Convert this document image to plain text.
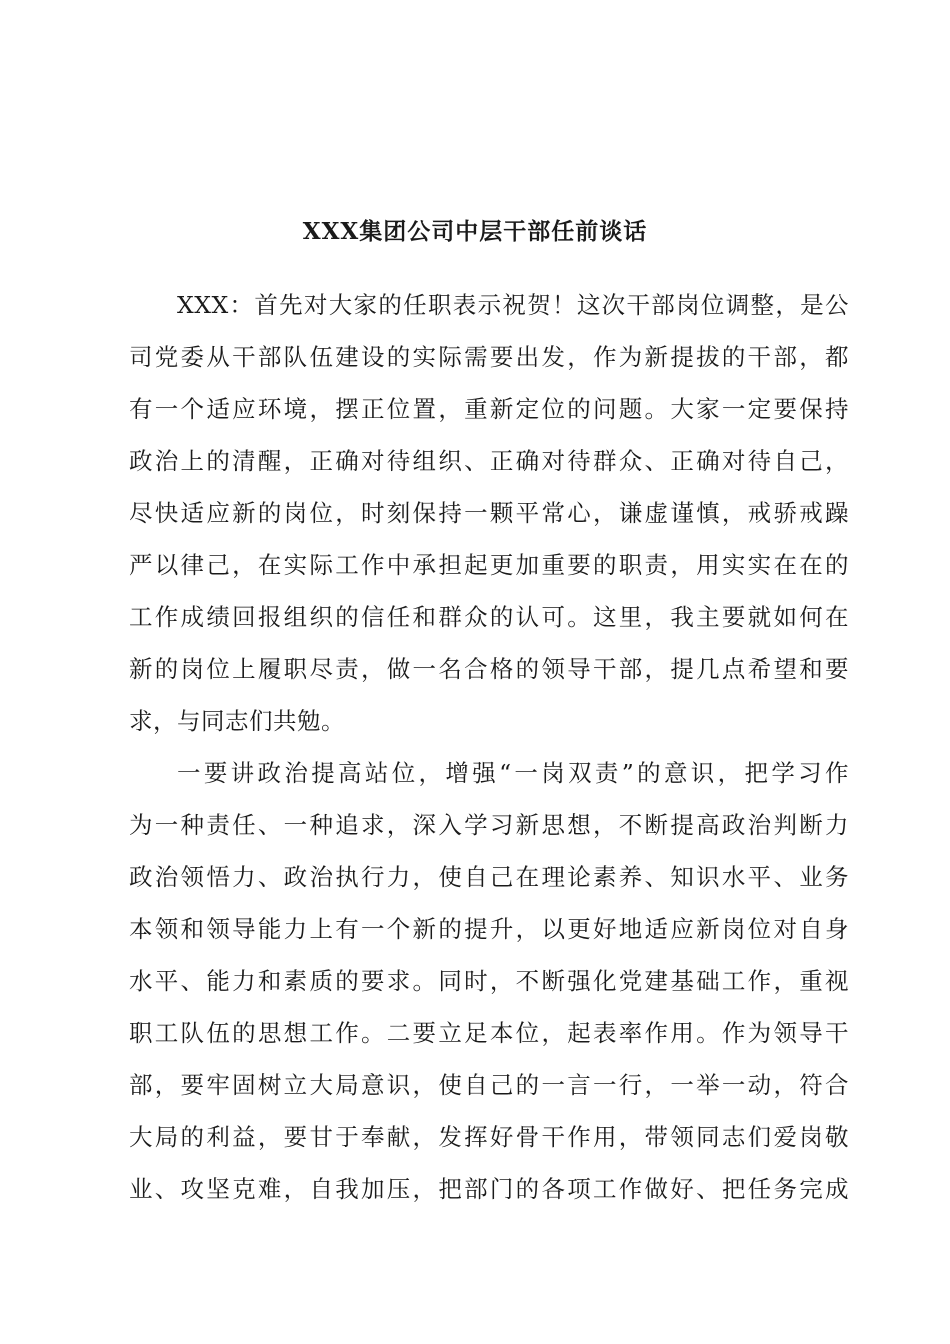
XXX集团公司中层干部任前谈话
XXX：首先对大家的任职表示祝贺！这次干部岗位调整，是公
司党委从干部队伍建设的实际需要出发，作为新提拔的干部，都
有一个适应环境，摆正位置，重新定位的问题。大家一定要保持
政治上的清醒，正确对待组织、正确对待群众、正确对待自己，
尽快适应新的岗位，时刻保持一颗平常心，谦虚谨慎，戒骄戒躁
严以律己，在实际工作中承担起更加重要的职责，用实实在在的
工作成绩回报组织的信任和群众的认可。这里，我主要就如何在
新的岗位上履职尽责，做一名合格的领导干部，提几点希望和要
求，与同志们共勉。
一要讲政治提高站位，增强“一岗双责”的意识，把学习作
为一种责任、一种追求，深入学习新思想，不断提高政治判断力
政治领悟力、政治执行力，使自己在理论素养、知识水平、业务
本领和领导能力上有一个新的提升，以更好地适应新岗位对自身
水平、能力和素质的要求。同时，不断强化党建基础工作，重视
职工队伍的思想工作。二要立足本位，起表率作用。作为领导干
部，要牢固树立大局意识，使自己的一言一行，一举一动，符合
大局的利益，要甘于奉献，发挥好骨干作用，带领同志们爱岗敬
业、攻坚克难，自我加压，把部门的各项工作做好、把任务完成
